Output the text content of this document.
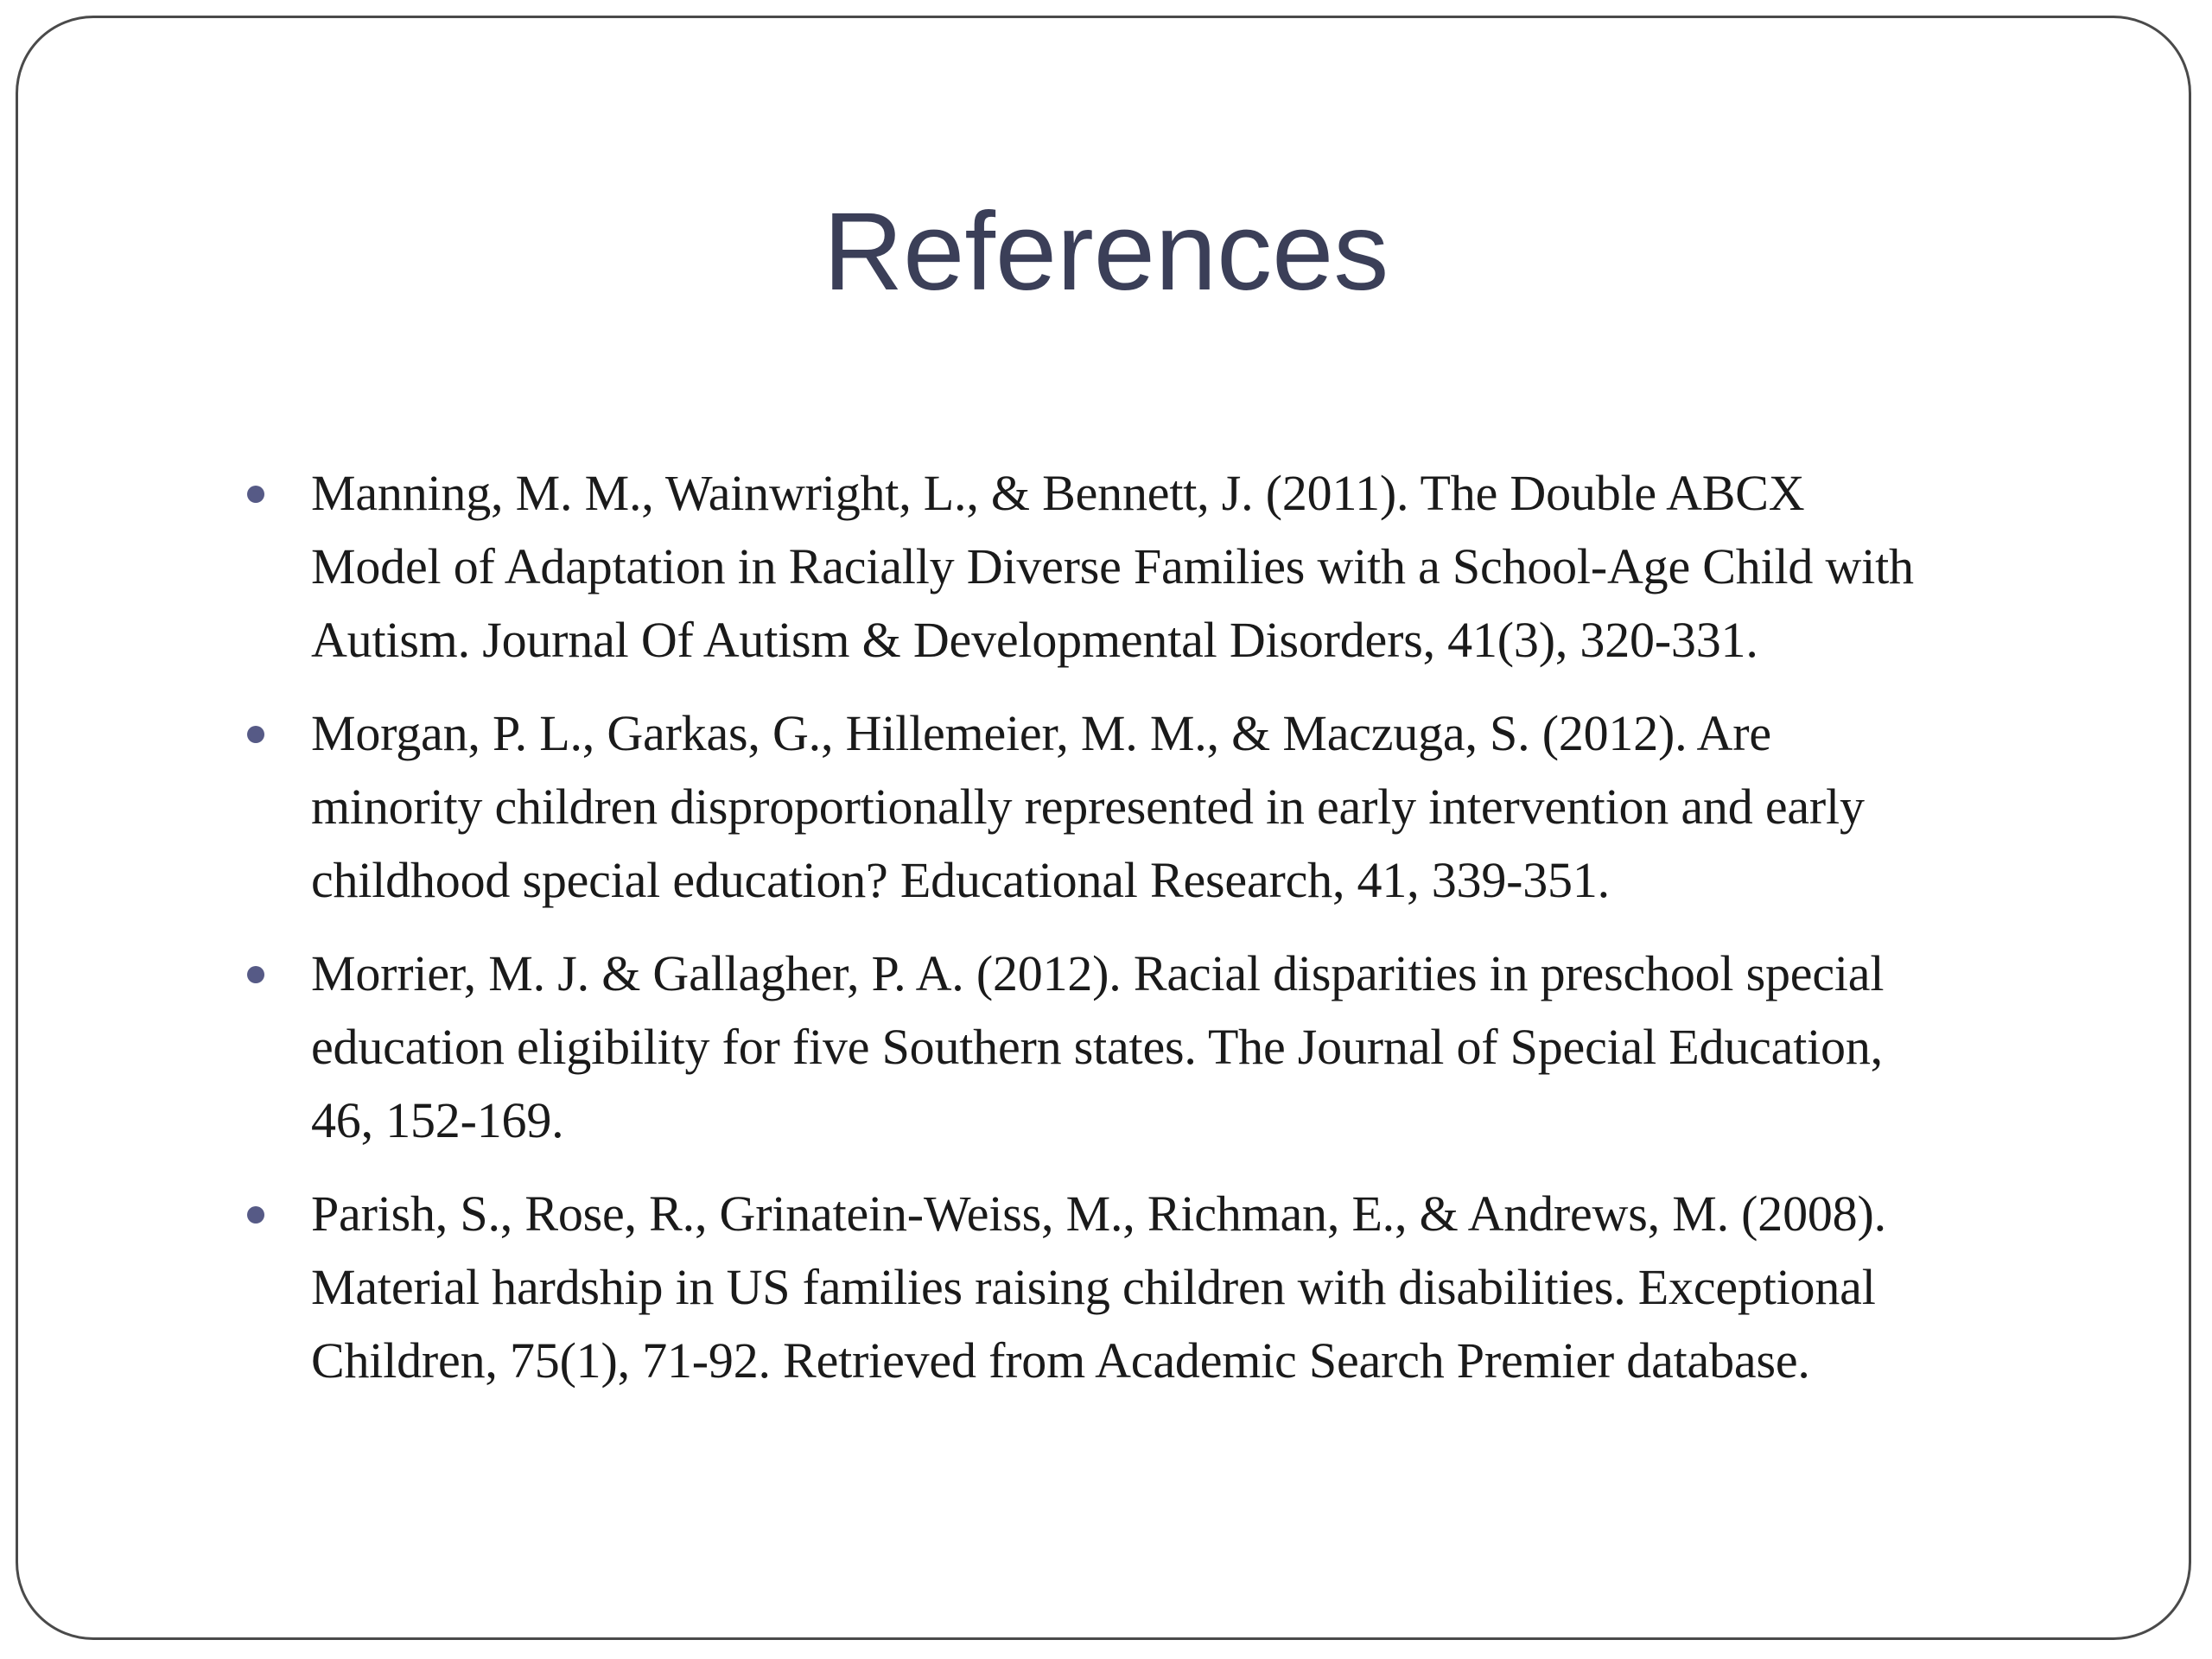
References
Manning, M. M., Wainwright, L., & Bennett, J. (2011). The Double ABCX
Model of Adaptation in Racially Diverse Families with a School-Age Child with
Autism. Journal Of Autism & Developmental Disorders, 41(3), 320-331.
Morgan, P. L., Garkas, G., Hillemeier, M. M., & Maczuga, S. (2012). Are
minority children disproportionally represented in early intervention and early
childhood special education? Educational Research, 41, 339-351.
Morrier, M. J. & Gallagher, P. A. (2012). Racial disparities in preschool special
education eligibility for five Southern states. The Journal of Special Education,
46, 152-169.
Parish, S., Rose, R., Grinatein-Weiss, M., Richman, E., & Andrews, M. (2008).
Material hardship in US families raising children with disabilities. Exceptional
Children, 75(1), 71-92. Retrieved from Academic Search Premier database.
